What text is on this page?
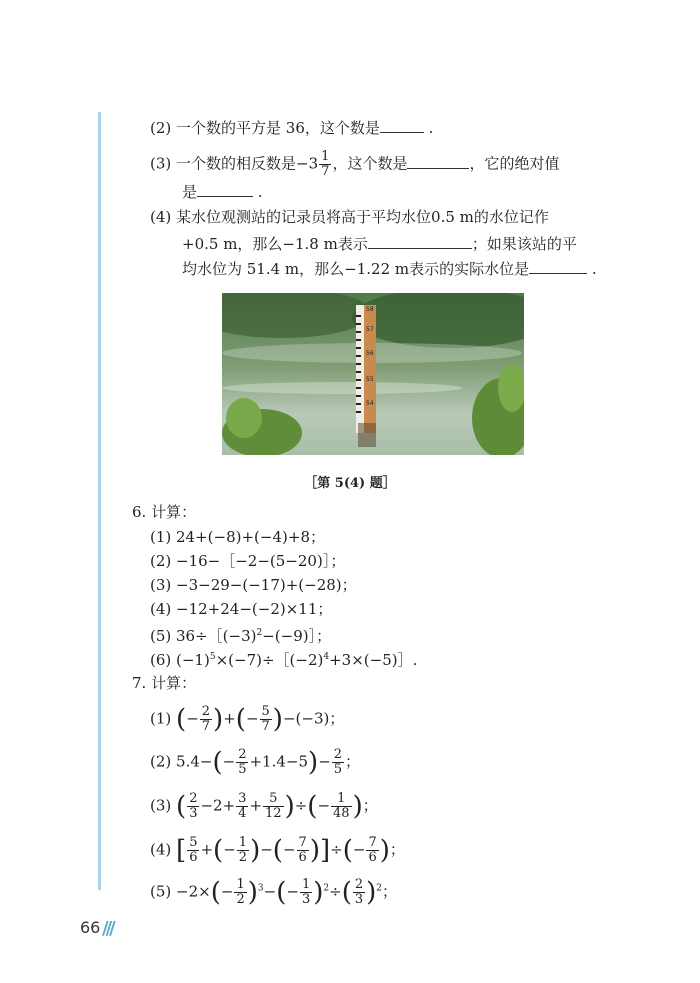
(2) 一个数的平方是 36，这个数是	.
(3) 一个数的相反数是$-3 \frac{1}{7}$ ，这个数是	，它的绝对值
是	.
(4) 某水位观测站的记录员将高于平均水位0.5 m的水位记作
+0.5 m，那么−1.8 m表示	；如果该站的平
均水位为 51.4 m，那么−1.22 m表示的实际水位是	.
58
57
56
55
54
［第 5(4) 题］
6. 计算：
(1) 24+(−8)+(−4)+8；
(2) −16−［−2−(5−20)］；
(3) −3−29−(−17)+(−28)；
(4) −12+24−(−2)×11；
(5) $36\div[(-3)^2-(-9)]$；
(6) $(-1)^5\times(-7)\div[(-2)^4+3\times(-5)]$.
7. 计算：
(1) (− $\frac{2}{7}$ )+(− $\frac{5}{7} )-(-3)$；
(2) $5.4-(- \frac{2}{5} +1.4-5)- \frac{2}{5}$ ；
(3) ( $\frac{2}{3} -2+ \frac{3}{4} + \frac{5}{12}$ )÷(− $\frac{1}{48}$ )；
(4) [ $\frac{5}{6}$ +(− $\frac{1}{2}$ )−(− $\frac{7}{6}$ )]÷(− $\frac{7}{6}$ )；
$(5) -2\times(- \frac{1}{2} )^3-(- \frac{1}{3} )^2\div( \frac{2}{3} )^2$；
66 ///
